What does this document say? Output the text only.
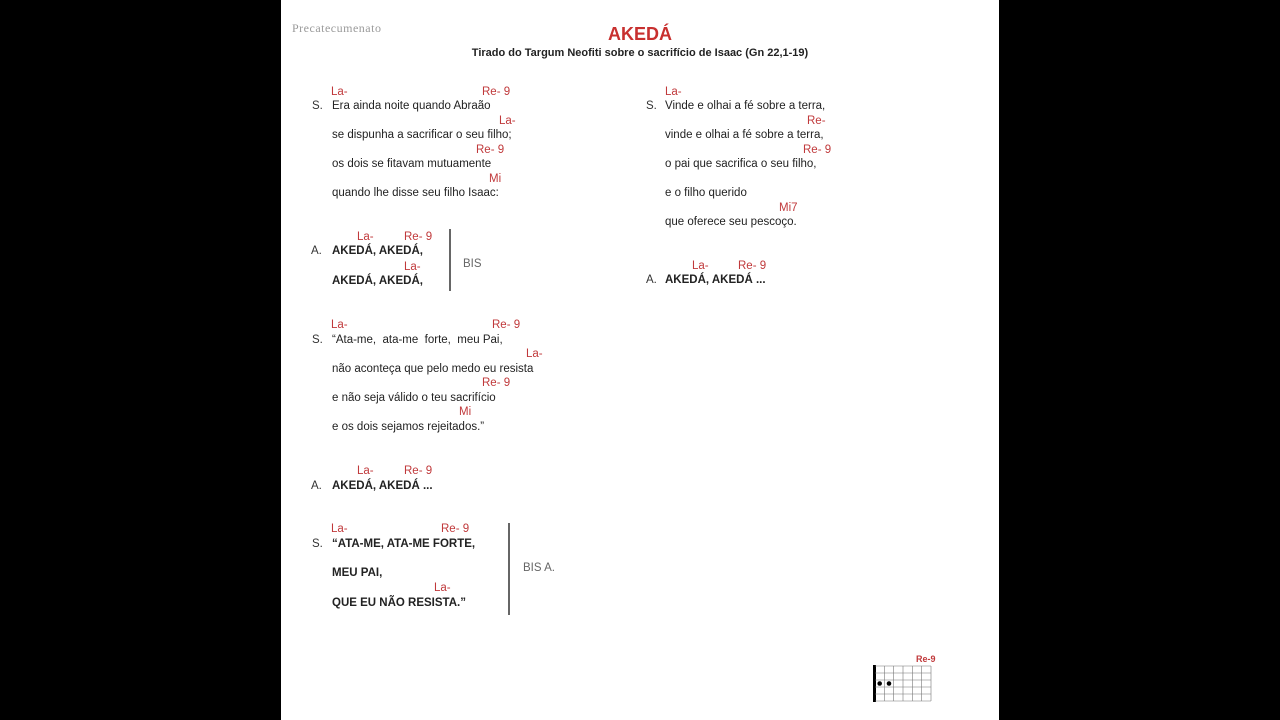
Precatecumenato	AKEDÁ
Tirado do Targum Neofiti sobre o sacrifício de Isaac (Gn 22,1-19)
La-	Re- 9
S. Era ainda noite quando Abraão
La-
se dispunha a sacrificar o seu filho;
Re- 9
os dois se fitavam mutuamente
Mi
quando lhe disse seu filho Isaac:
La-	Re- 9
A. AKEDÁ, AKEDÁ,
La-
AKEDÁ, AKEDÁ,
BIS
La-	Re- 9
S. “Ata-me,  ata-me  forte,  meu Pai,
La-
não aconteça que pelo medo eu resista
Re- 9
e não seja válido o teu sacrifício
Mi
e os dois sejamos rejeitados.”
La-	Re- 9
A. AKEDÁ, AKEDÁ ...
La-	Re- 9
S. “ATA-ME, ATA-ME FORTE,
MEU PAI,
La-
QUE EU NÃO RESISTA.”
BIS A.
La-
S. Vinde e olhai a fé sobre a terra,
Re-
vinde e olhai a fé sobre a terra,
Re- 9
o pai que sacrifica o seu filho,
e o filho querido
Mi7
que oferece seu pescoço.
La-	Re- 9
A. AKEDÁ, AKEDÁ ...
Re-9
